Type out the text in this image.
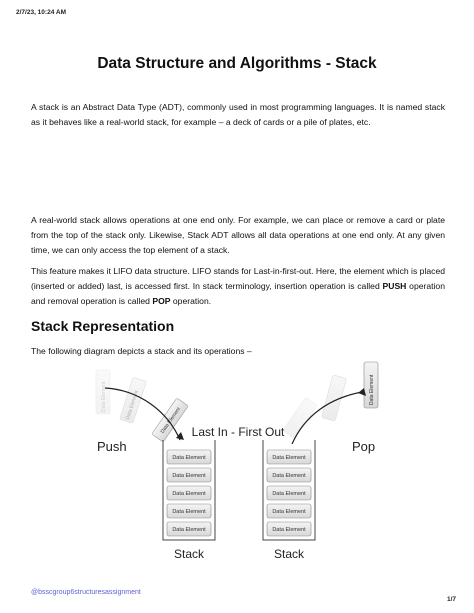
2/7/23, 10:24 AM
Data Structure and Algorithms - Stack
A stack is an Abstract Data Type (ADT), commonly used in most programming languages. It is named stack as it behaves like a real-world stack, for example – a deck of cards or a pile of plates, etc.
A real-world stack allows operations at one end only. For example, we can place or remove a card or plate from the top of the stack only. Likewise, Stack ADT allows all data operations at one end only. At any given time, we can only access the top element of a stack.
This feature makes it LIFO data structure. LIFO stands for Last-in-first-out. Here, the element which is placed (inserted or added) last, is accessed first. In stack terminology, insertion operation is called PUSH operation and removal operation is called POP operation.
Stack Representation
The following diagram depicts a stack and its operations –
Data Element	Data Element
Data Element
Push
Last In - First Out
Pop
Data Element
Data Element
Data Element
Data Element
Data Element
Data Element
Stack
Data Element
Data Element
Data Element
Data Element
Data Element
Stack
@bsscgroup6structuresassignment
1/7
